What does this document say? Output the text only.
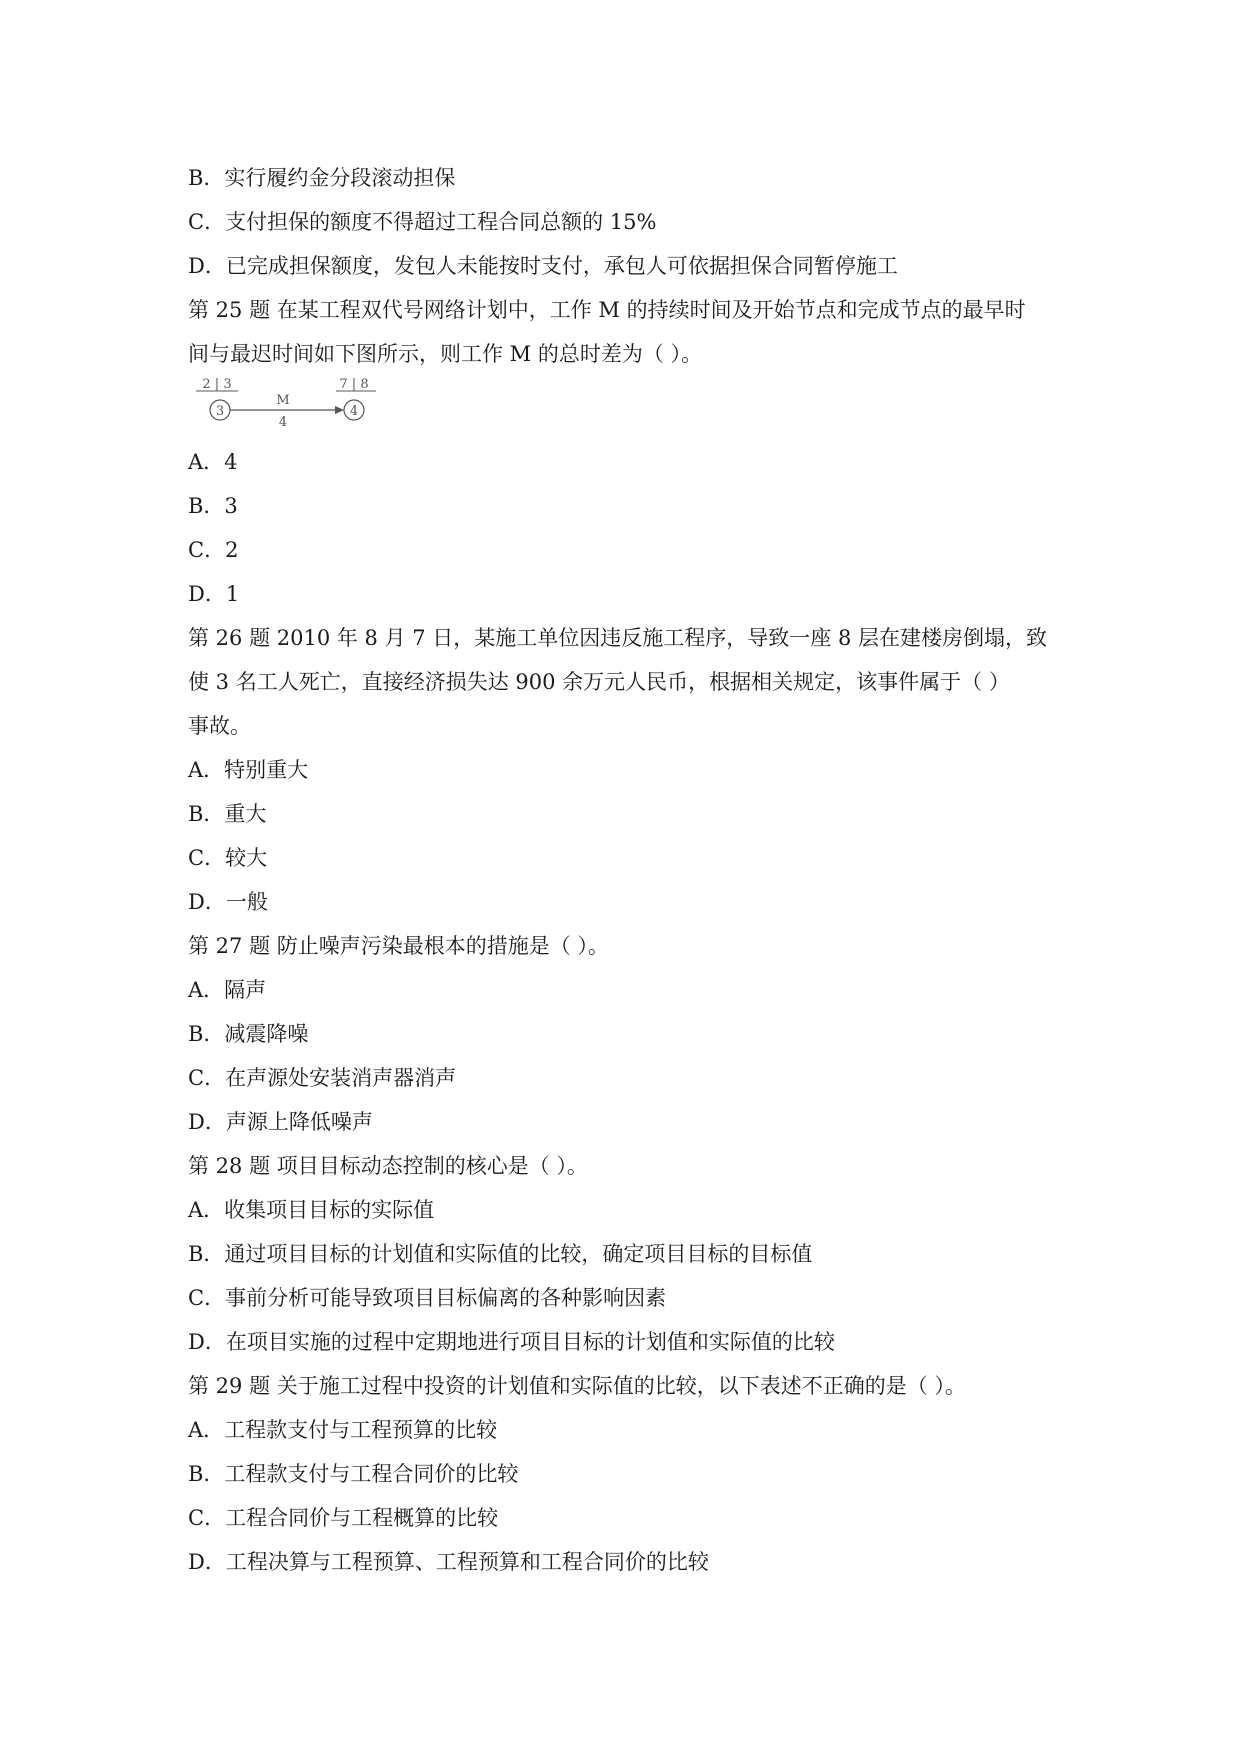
B．实行履约金分段滚动担保
C．支付担保的额度不得超过工程合同总额的 15%
D．已完成担保额度，发包人未能按时支付，承包人可依据担保合同暂停施工
第 25 题 在某工程双代号网络计划中，工作 M 的持续时间及开始节点和完成节点的最早时
间与最迟时间如下图所示，则工作 M 的总时差为（ ）。
2 | 3	7 | 8
3	4
M
4
A．4
B．3
C．2
D．1
第 26 题 2010 年 8 月 7 日，某施工单位因违反施工程序，导致一座 8 层在建楼房倒塌，致
使 3 名工人死亡，直接经济损失达 900 余万元人民币，根据相关规定，该事件属于（ ）
事故。
A．特别重大
B．重大
C．较大
D．一般
第 27 题 防止噪声污染最根本的措施是（ ）。
A．隔声
B．减震降噪
C．在声源处安装消声器消声
D．声源上降低噪声
第 28 题 项目目标动态控制的核心是（ ）。
A．收集项目目标的实际值
B．通过项目目标的计划值和实际值的比较，确定项目目标的目标值
C．事前分析可能导致项目目标偏离的各种影响因素
D．在项目实施的过程中定期地进行项目目标的计划值和实际值的比较
第 29 题 关于施工过程中投资的计划值和实际值的比较，以下表述不正确的是（ ）。
A．工程款支付与工程预算的比较
B．工程款支付与工程合同价的比较
C．工程合同价与工程概算的比较
D．工程决算与工程预算、工程预算和工程合同价的比较
